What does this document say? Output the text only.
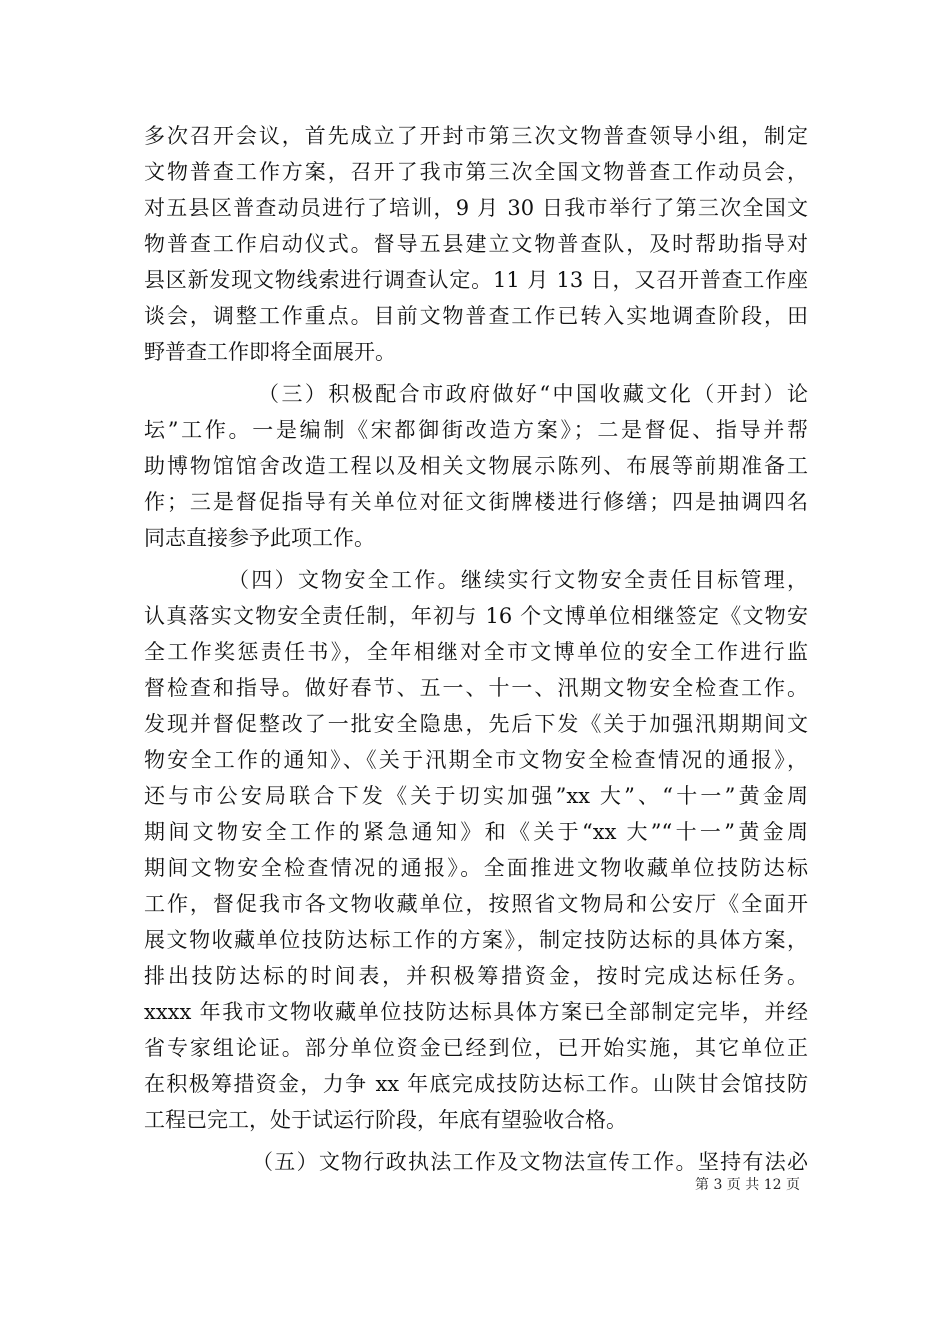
多次召开会议，首先成立了开封市第三次文物普查领导小组，制定
文物普查工作方案，召开了我市第三次全国文物普查工作动员会，
对五县区普查动员进行了培训，9 月 30 日我市举行了第三次全国文
物普查工作启动仪式。督导五县建立文物普查队，及时帮助指导对
县区新发现文物线索进行调查认定。11 月 13 日，又召开普查工作座
谈会，调整工作重点。目前文物普查工作已转入实地调查阶段，田
野普查工作即将全面展开。
（三）积极配合市政府做好“中国收藏文化（开封）论
坛”工作。一是编制《宋都御街改造方案》；二是督促、指导并帮
助博物馆馆舍改造工程以及相关文物展示陈列、布展等前期准备工
作；三是督促指导有关单位对征文街牌楼进行修缮；四是抽调四名
同志直接参予此项工作。
（四）文物安全工作。继续实行文物安全责任目标管理，
认真落实文物安全责任制，年初与 16 个文博单位相继签定《文物安
全工作奖惩责任书》，全年相继对全市文博单位的安全工作进行监
督检查和指导。做好春节、五一、十一、汛期文物安全检查工作。
发现并督促整改了一批安全隐患，先后下发《关于加强汛期期间文
物安全工作的通知》、《关于汛期全市文物安全检查情况的通报》，
还与市公安局联合下发《关于切实加强”xx 大”、“十一”黄金周
期间文物安全工作的紧急通知》和《关于“xx 大”“十一”黄金周
期间文物安全检查情况的通报》。全面推进文物收藏单位技防达标
工作，督促我市各文物收藏单位，按照省文物局和公安厅《全面开
展文物收藏单位技防达标工作的方案》，制定技防达标的具体方案，
排出技防达标的时间表，并积极筹措资金，按时完成达标任务。
xxxx 年我市文物收藏单位技防达标具体方案已全部制定完毕，并经
省专家组论证。部分单位资金已经到位，已开始实施，其它单位正
在积极筹措资金，力争 xx 年底完成技防达标工作。山陕甘会馆技防
工程已完工，处于试运行阶段，年底有望验收合格。
（五）文物行政执法工作及文物法宣传工作。坚持有法必
第 3 页 共 12 页
